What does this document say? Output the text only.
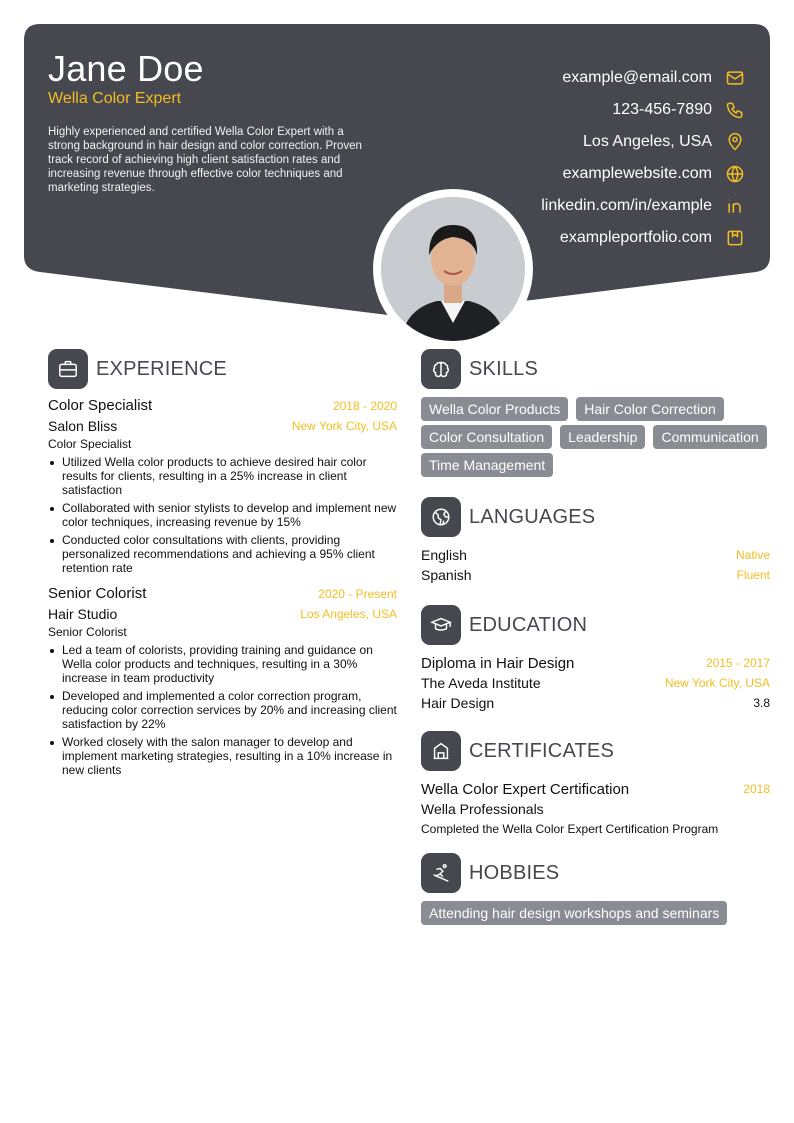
Jane Doe
Wella Color Expert
Highly experienced and certified Wella Color Expert with a strong background in hair design and color correction. Proven track record of achieving high client satisfaction rates and increasing revenue through effective color techniques and marketing strategies.
example@email.com
123-456-7890
Los Angeles, USA
examplewebsite.com
linkedin.com/in/example
exampleportfolio.com
EXPERIENCE
Color Specialist	2018 - 2020
Salon Bliss	New York City, USA
Color Specialist
Utilized Wella color products to achieve desired hair color results for clients, resulting in a 25% increase in client satisfaction
Collaborated with senior stylists to develop and implement new color techniques, increasing revenue by 15%
Conducted color consultations with clients, providing personalized recommendations and achieving a 95% client retention rate
Senior Colorist	2020 - Present
Hair Studio	Los Angeles, USA
Senior Colorist
Led a team of colorists, providing training and guidance on Wella color products and techniques, resulting in a 30% increase in team productivity
Developed and implemented a color correction program, reducing color correction services by 20% and increasing client satisfaction by 22%
Worked closely with the salon manager to develop and implement marketing strategies, resulting in a 10% increase in new clients
SKILLS
Wella Color Products	Hair Color Correction
Color Consultation	Leadership	Communication
Time Management
LANGUAGES
English	Native
Spanish	Fluent
EDUCATION
Diploma in Hair Design	2015 - 2017
The Aveda Institute	New York City, USA
Hair Design	3.8
CERTIFICATES
Wella Color Expert Certification	2018
Wella Professionals
Completed the Wella Color Expert Certification Program
HOBBIES
Attending hair design workshops and seminars
